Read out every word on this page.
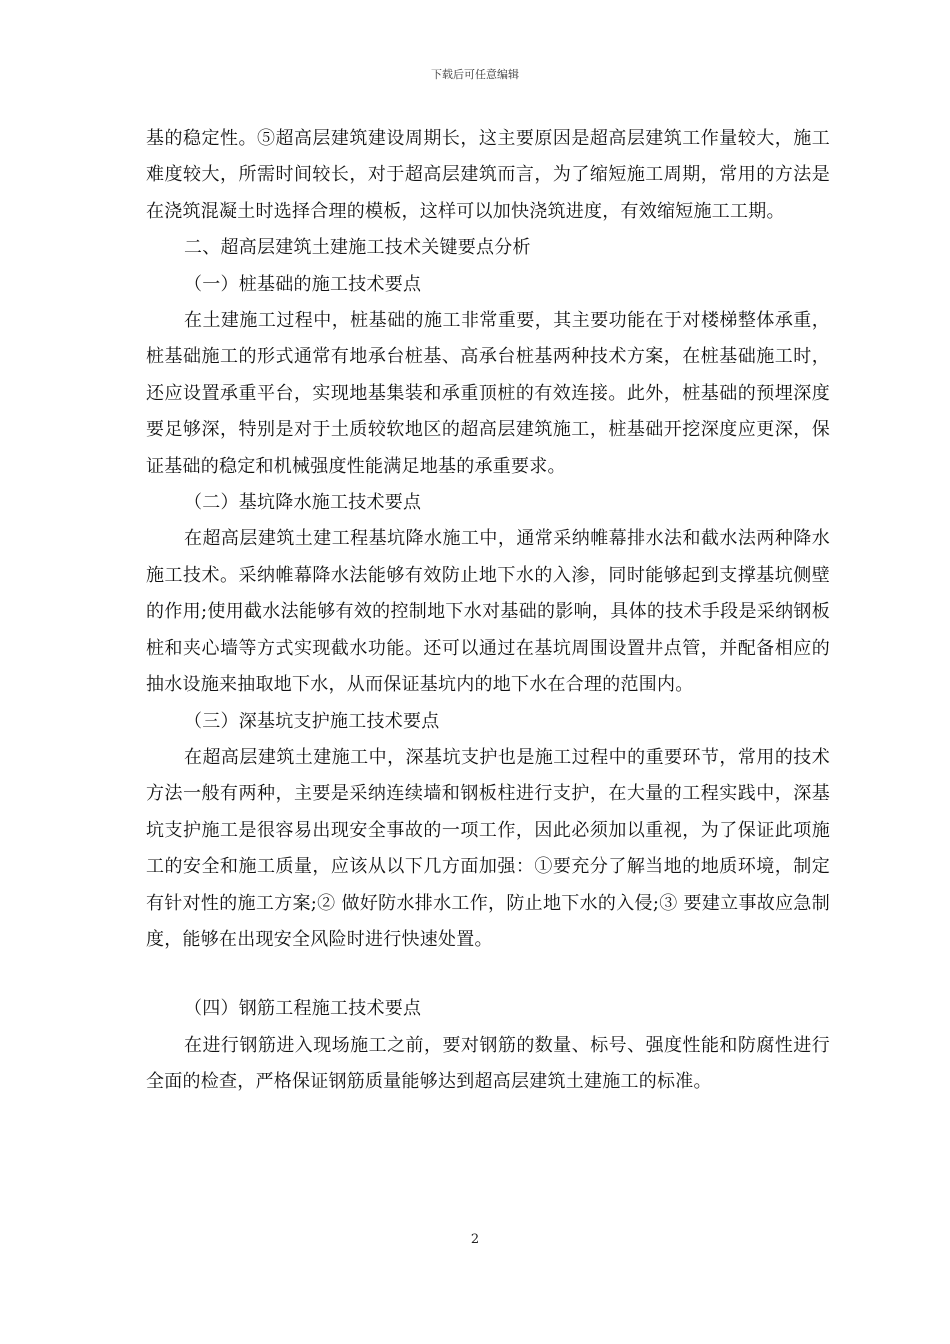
下载后可任意编辑

基的稳定性。⑤超高层建筑建设周期长，这主要原因是超高层建筑工作量较大，施工难度较大，所需时间较长，对于超高层建筑而言，为了缩短施工周期，常用的方法是在浇筑混凝土时选择合理的模板，这样可以加快浇筑进度，有效缩短施工工期。

二、超高层建筑土建施工技术关键要点分析

（一）桩基础的施工技术要点

在土建施工过程中，桩基础的施工非常重要，其主要功能在于对楼梯整体承重，桩基础施工的形式通常有地承台桩基、高承台桩基两种技术方案，在桩基础施工时，还应设置承重平台，实现地基集装和承重顶桩的有效连接。此外，桩基础的预埋深度要足够深，特别是对于土质较软地区的超高层建筑施工，桩基础开挖深度应更深，保证基础的稳定和机械强度性能满足地基的承重要求。

（二）基坑降水施工技术要点

在超高层建筑土建工程基坑降水施工中，通常采纳帷幕排水法和截水法两种降水施工技术。采纳帷幕降水法能够有效防止地下水的入渗，同时能够起到支撑基坑侧壁的作用;使用截水法能够有效的控制地下水对基础的影响，具体的技术手段是采纳钢板桩和夹心墙等方式实现截水功能。还可以通过在基坑周围设置井点管，并配备相应的抽水设施来抽取地下水，从而保证基坑内的地下水在合理的范围内。

（三）深基坑支护施工技术要点

在超高层建筑土建施工中，深基坑支护也是施工过程中的重要环节，常用的技术方法一般有两种，主要是采纳连续墙和钢板柱进行支护，在大量的工程实践中，深基坑支护施工是很容易出现安全事故的一项工作，因此必须加以重视，为了保证此项施工的安全和施工质量，应该从以下几方面加强：①要充分了解当地的地质环境，制定有针对性的施工方案;② 做好防水排水工作，防止地下水的入侵;③ 要建立事故应急制度，能够在出现安全风险时进行快速处置。

（四）钢筋工程施工技术要点

在进行钢筋进入现场施工之前，要对钢筋的数量、标号、强度性能和防腐性进行全面的检查，严格保证钢筋质量能够达到超高层建筑土建施工的标准。

2
